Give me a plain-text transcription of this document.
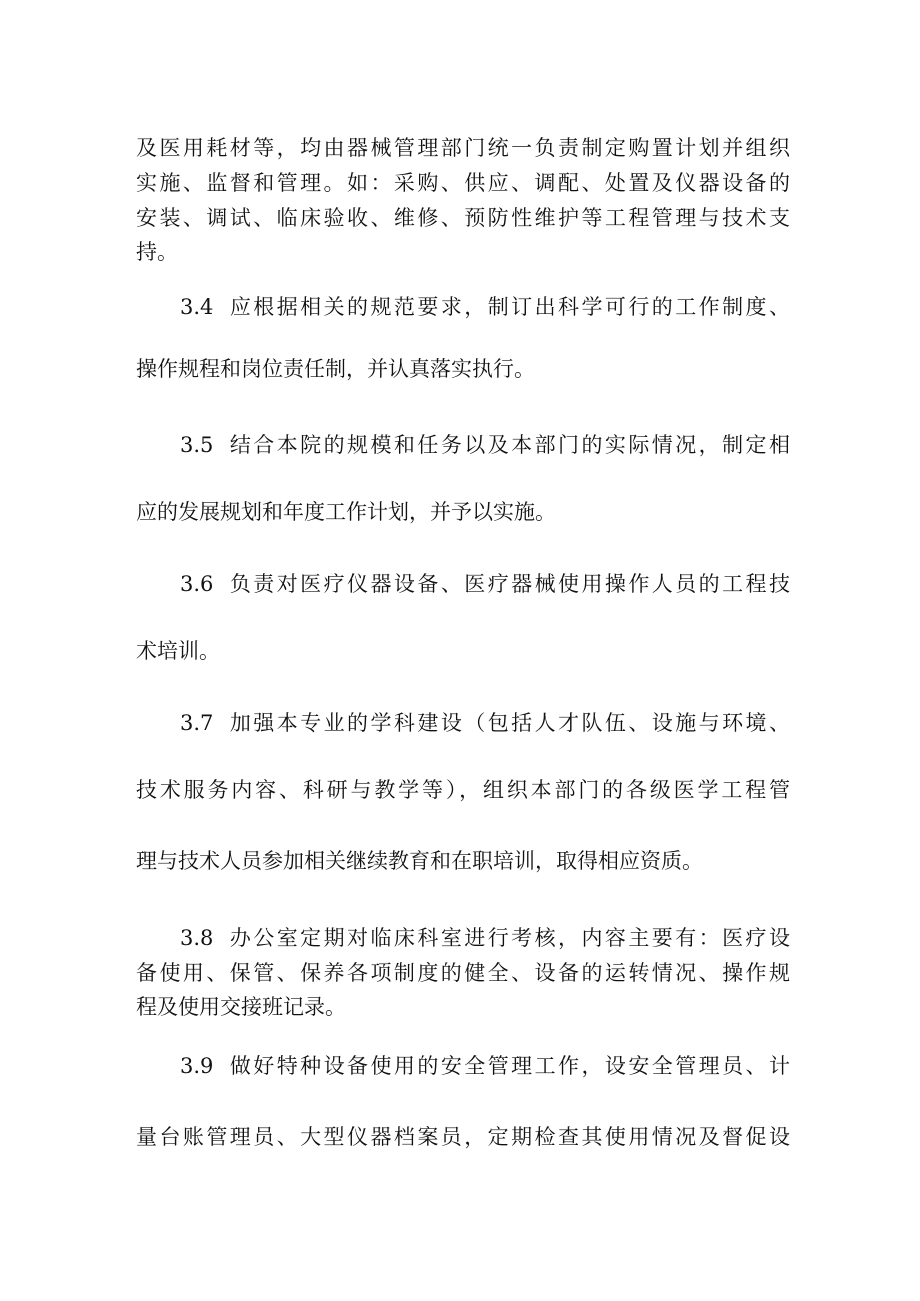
及医用耗材等，均由器械管理部门统一负责制定购置计划并组织
实施、监督和管理。如：采购、供应、调配、处置及仪器设备的
安装、调试、临床验收、维修、预防性维护等工程管理与技术支
持。
3.4 应根据相关的规范要求，制订出科学可行的工作制度、
操作规程和岗位责任制，并认真落实执行。
3.5 结合本院的规模和任务以及本部门的实际情况，制定相
应的发展规划和年度工作计划，并予以实施。
3.6 负责对医疗仪器设备、医疗器械使用操作人员的工程技
术培训。
3.7 加强本专业的学科建设（包括人才队伍、设施与环境、
技术服务内容、科研与教学等），组织本部门的各级医学工程管
理与技术人员参加相关继续教育和在职培训，取得相应资质。
3.8 办公室定期对临床科室进行考核，内容主要有：医疗设
备使用、保管、保养各项制度的健全、设备的运转情况、操作规
程及使用交接班记录。
3.9 做好特种设备使用的安全管理工作，设安全管理员、计
量台账管理员、大型仪器档案员，定期检查其使用情况及督促设
